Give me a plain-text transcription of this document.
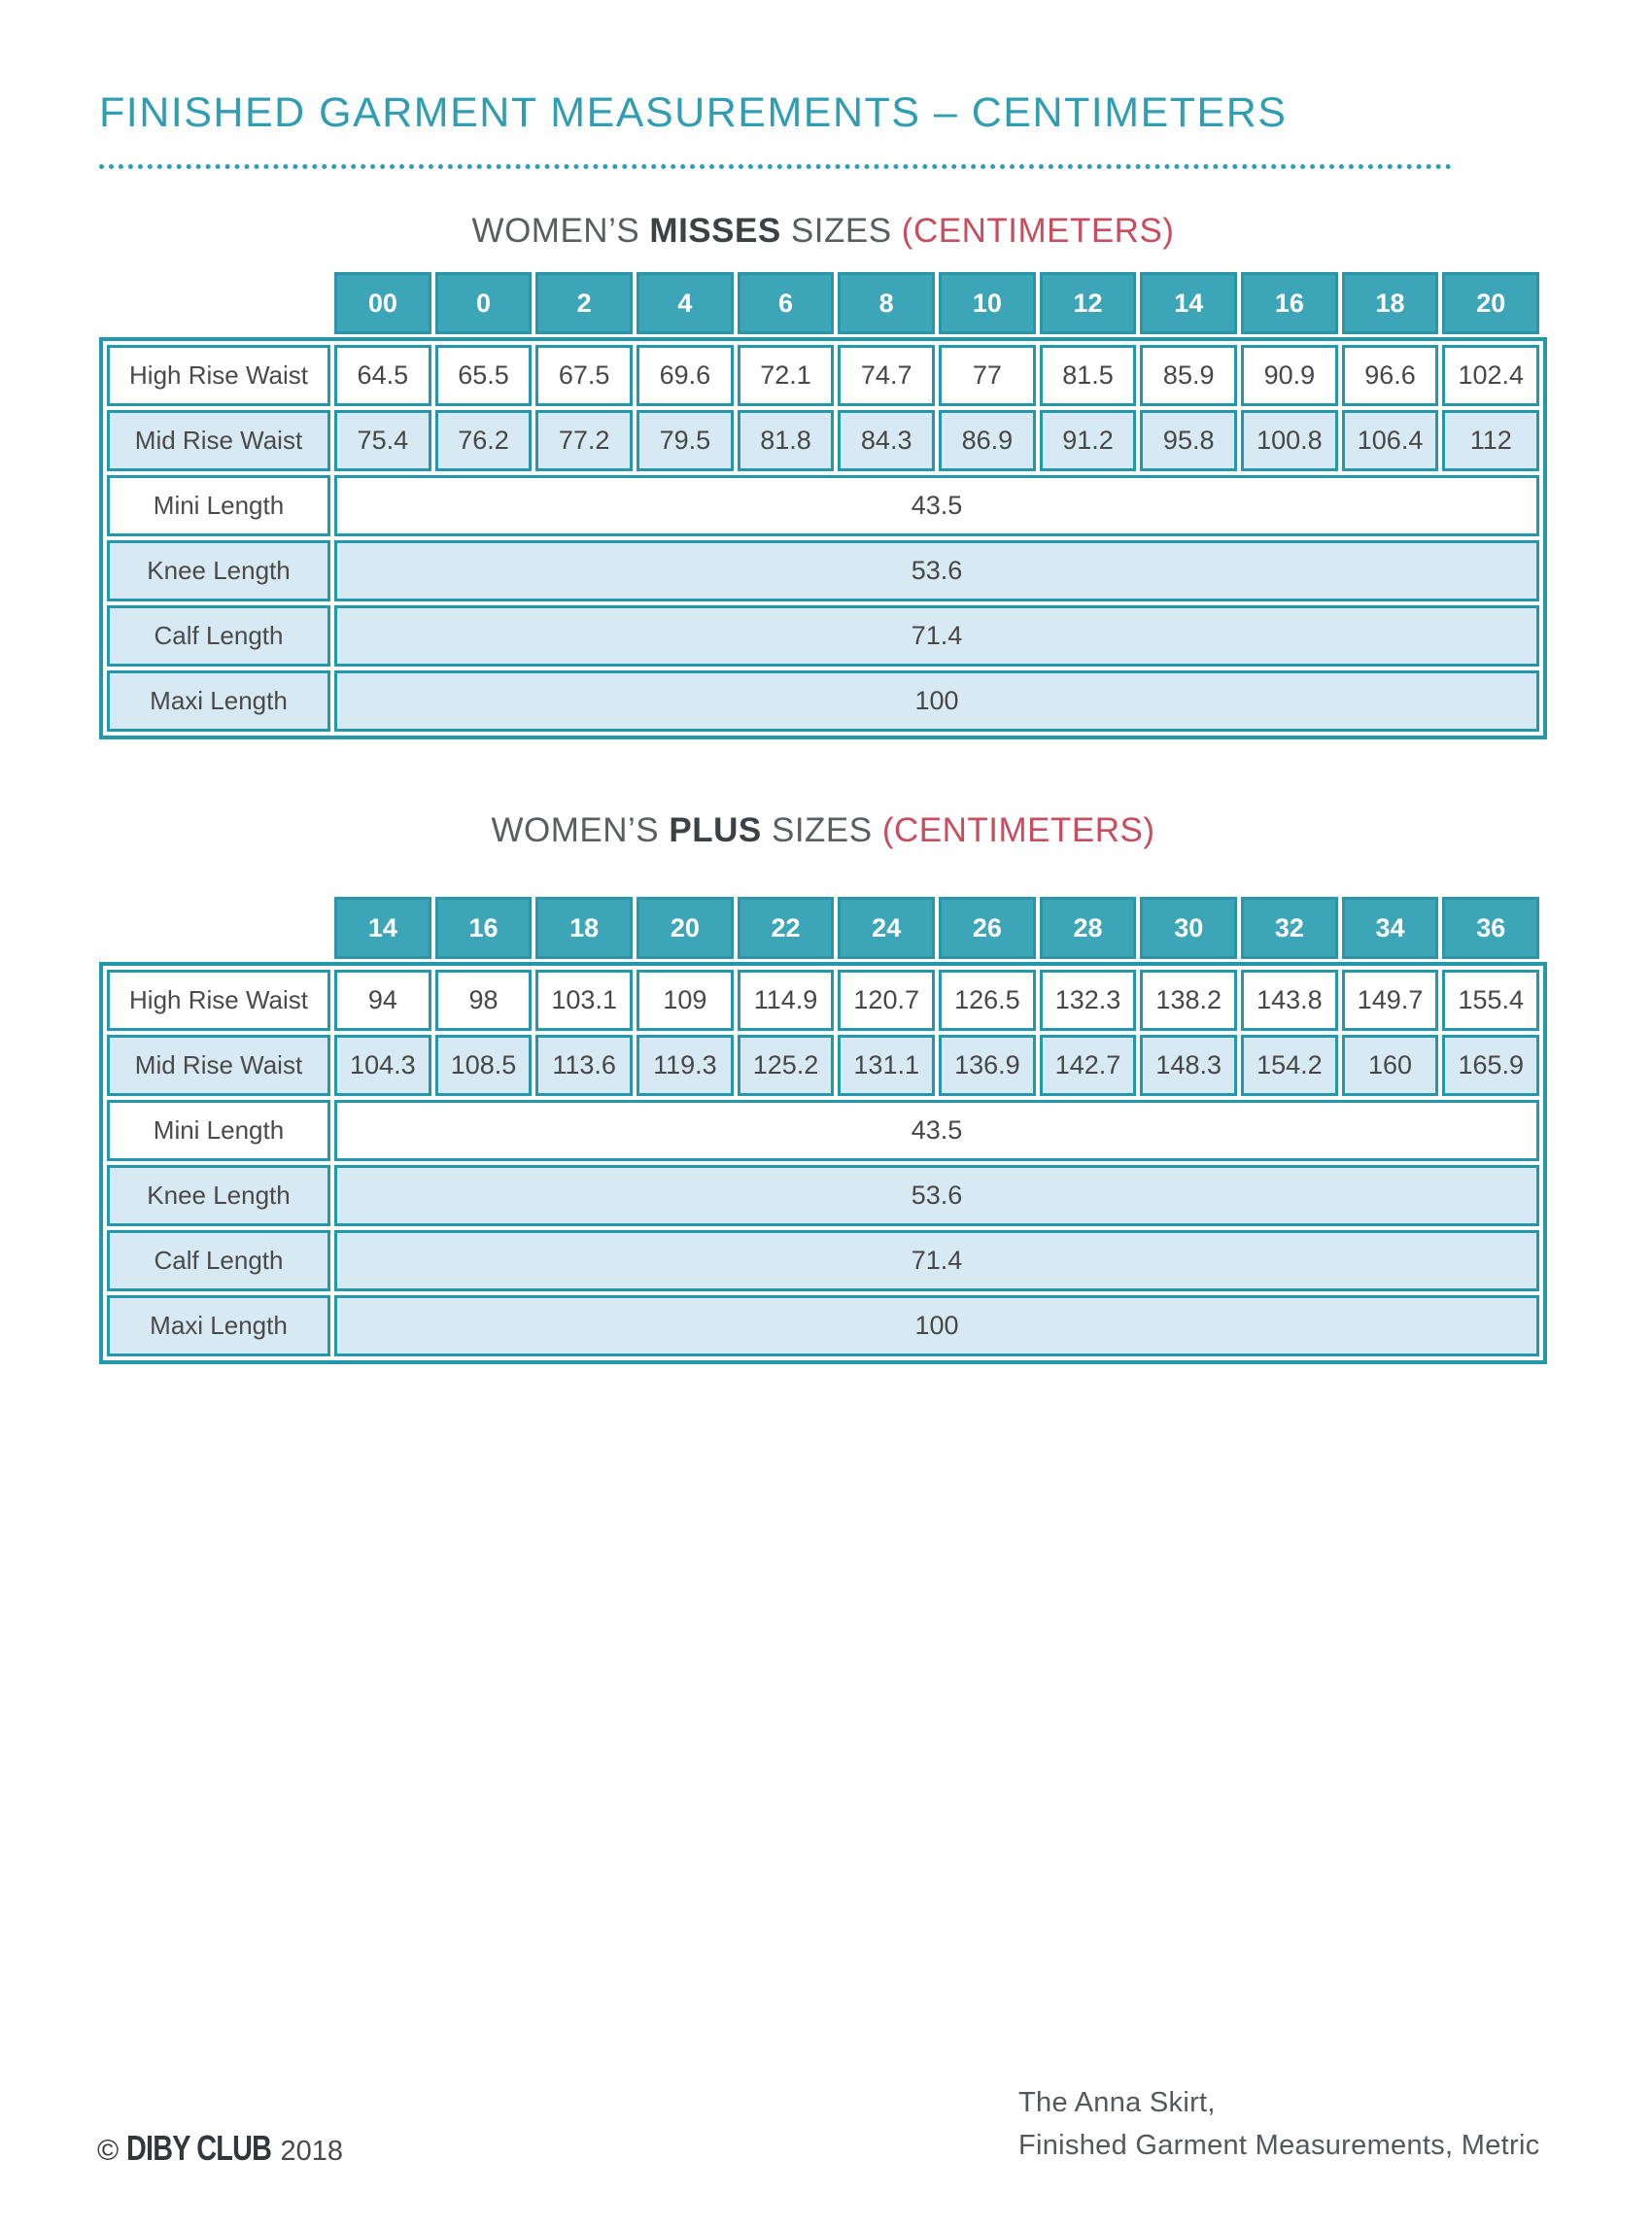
FINISHED GARMENT MEASUREMENTS – CENTIMETERS
WOMEN’S MISSES SIZES (CENTIMETERS)
00	0	2	4	6	8	10	12	14	16	18	20
High Rise Waist	64.5	65.5	67.5	69.6	72.1	74.7	77	81.5	85.9	90.9	96.6	102.4
Mid Rise Waist	75.4	76.2	77.2	79.5	81.8	84.3	86.9	91.2	95.8	100.8	106.4	112
Mini Length	43.5
Knee Length	53.6
Calf Length	71.4
Maxi Length	100
WOMEN’S PLUS SIZES (CENTIMETERS)
14	16	18	20	22	24	26	28	30	32	34	36
High Rise Waist	94	98	103.1	109	114.9	120.7	126.5	132.3	138.2	143.8	149.7	155.4
Mid Rise Waist	104.3	108.5	113.6	119.3	125.2	131.1	136.9	142.7	148.3	154.2	160	165.9
Mini Length	43.5
Knee Length	53.6
Calf Length	71.4
Maxi Length	100
© DIBY CLUB 2018
The Anna Skirt,
Finished Garment Measurements, Metric
